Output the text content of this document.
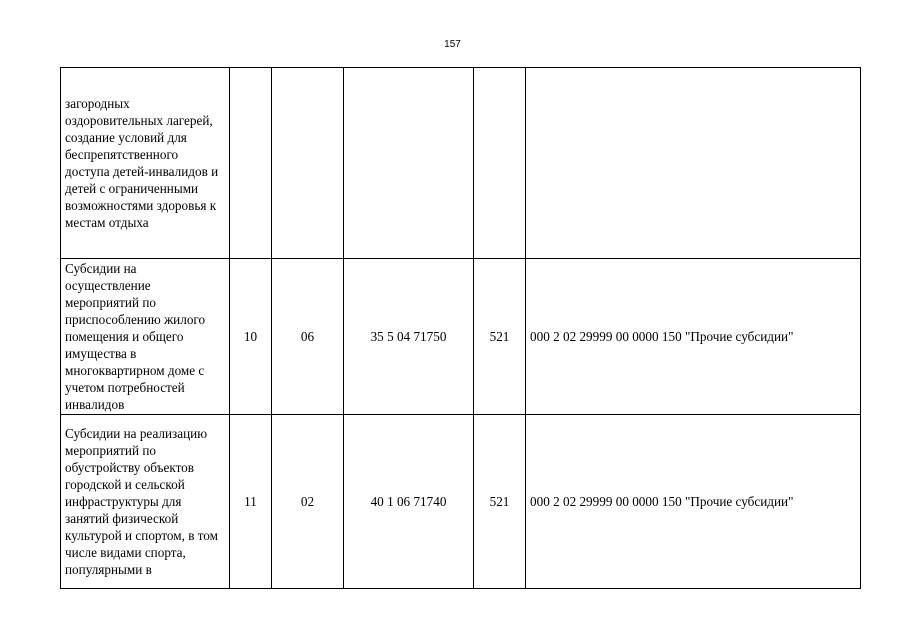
157
загородных оздоровительных лагерей, создание условий для беспрепятственного доступа детей-инвалидов и детей с ограниченными возможностями здоровья к местам отдыха					
Субсидии на осуществление мероприятий по приспособлению жилого помещения и общего имущества в многоквартирном доме с учетом потребностей инвалидов	10	06	35 5 04 71750	521	000 2 02 29999 00 0000 150 "Прочие субсидии"
Субсидии на реализацию мероприятий по обустройству объектов городской и сельской инфраструктуры для занятий физической культурой и спортом, в том числе видами спорта, популярными в	11	02	40 1 06 71740	521	000 2 02 29999 00 0000 150 "Прочие субсидии"
